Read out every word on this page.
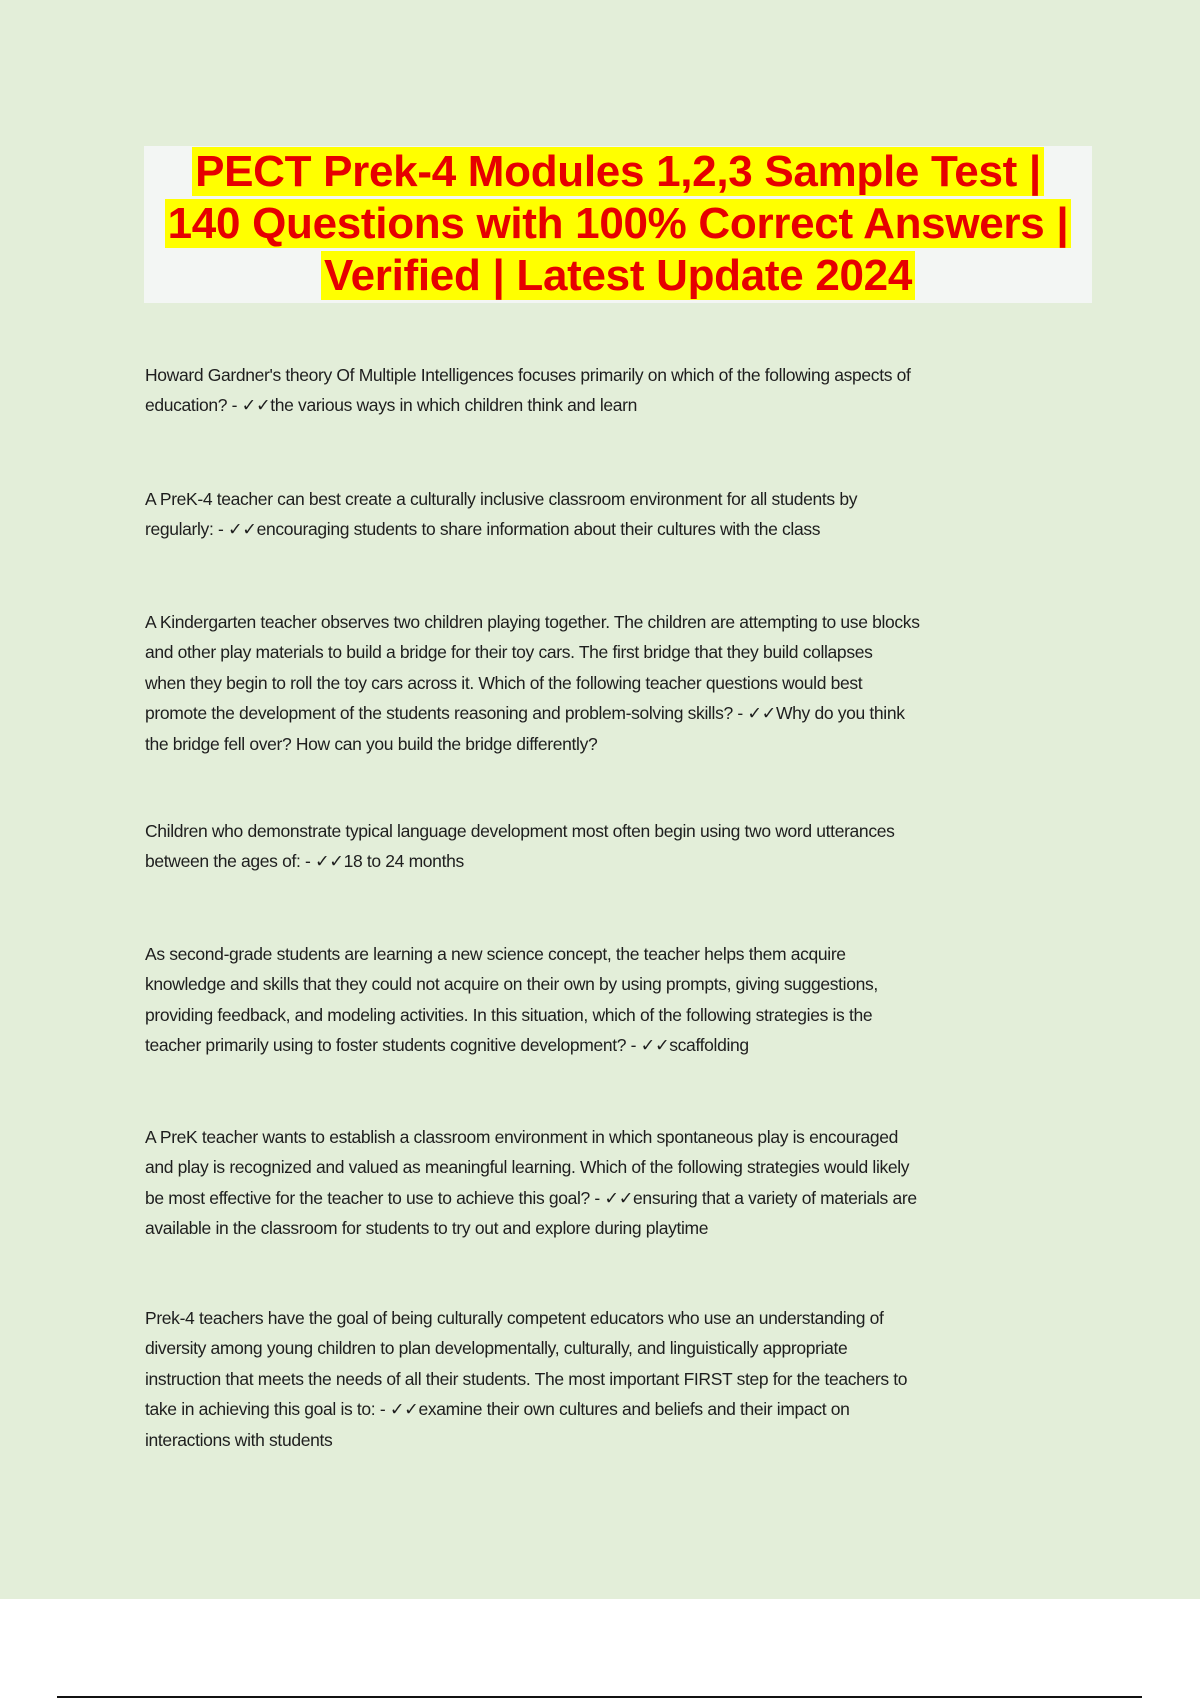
PECT Prek-4 Modules 1,2,3 Sample Test |
140 Questions with 100% Correct Answers |
Verified | Latest Update 2024
Howard Gardner's theory Of Multiple Intelligences focuses primarily on which of the following aspects of
education? - ✓✓the various ways in which children think and learn
A PreK-4 teacher can best create a culturally inclusive classroom environment for all students by
regularly: - ✓✓encouraging students to share information about their cultures with the class
A Kindergarten teacher observes two children playing together. The children are attempting to use blocks
and other play materials to build a bridge for their toy cars. The first bridge that they build collapses
when they begin to roll the toy cars across it. Which of the following teacher questions would best
promote the development of the students reasoning and problem-solving skills? - ✓✓Why do you think
the bridge fell over? How can you build the bridge differently?
Children who demonstrate typical language development most often begin using two word utterances
between the ages of: - ✓✓18 to 24 months
As second-grade students are learning a new science concept, the teacher helps them acquire
knowledge and skills that they could not acquire on their own by using prompts, giving suggestions,
providing feedback, and modeling activities. In this situation, which of the following strategies is the
teacher primarily using to foster students cognitive development? - ✓✓scaffolding
A PreK teacher wants to establish a classroom environment in which spontaneous play is encouraged
and play is recognized and valued as meaningful learning. Which of the following strategies would likely
be most effective for the teacher to use to achieve this goal? - ✓✓ensuring that a variety of materials are
available in the classroom for students to try out and explore during playtime
Prek-4 teachers have the goal of being culturally competent educators who use an understanding of
diversity among young children to plan developmentally, culturally, and linguistically appropriate
instruction that meets the needs of all their students. The most important FIRST step for the teachers to
take in achieving this goal is to: - ✓✓examine their own cultures and beliefs and their impact on
interactions with students
